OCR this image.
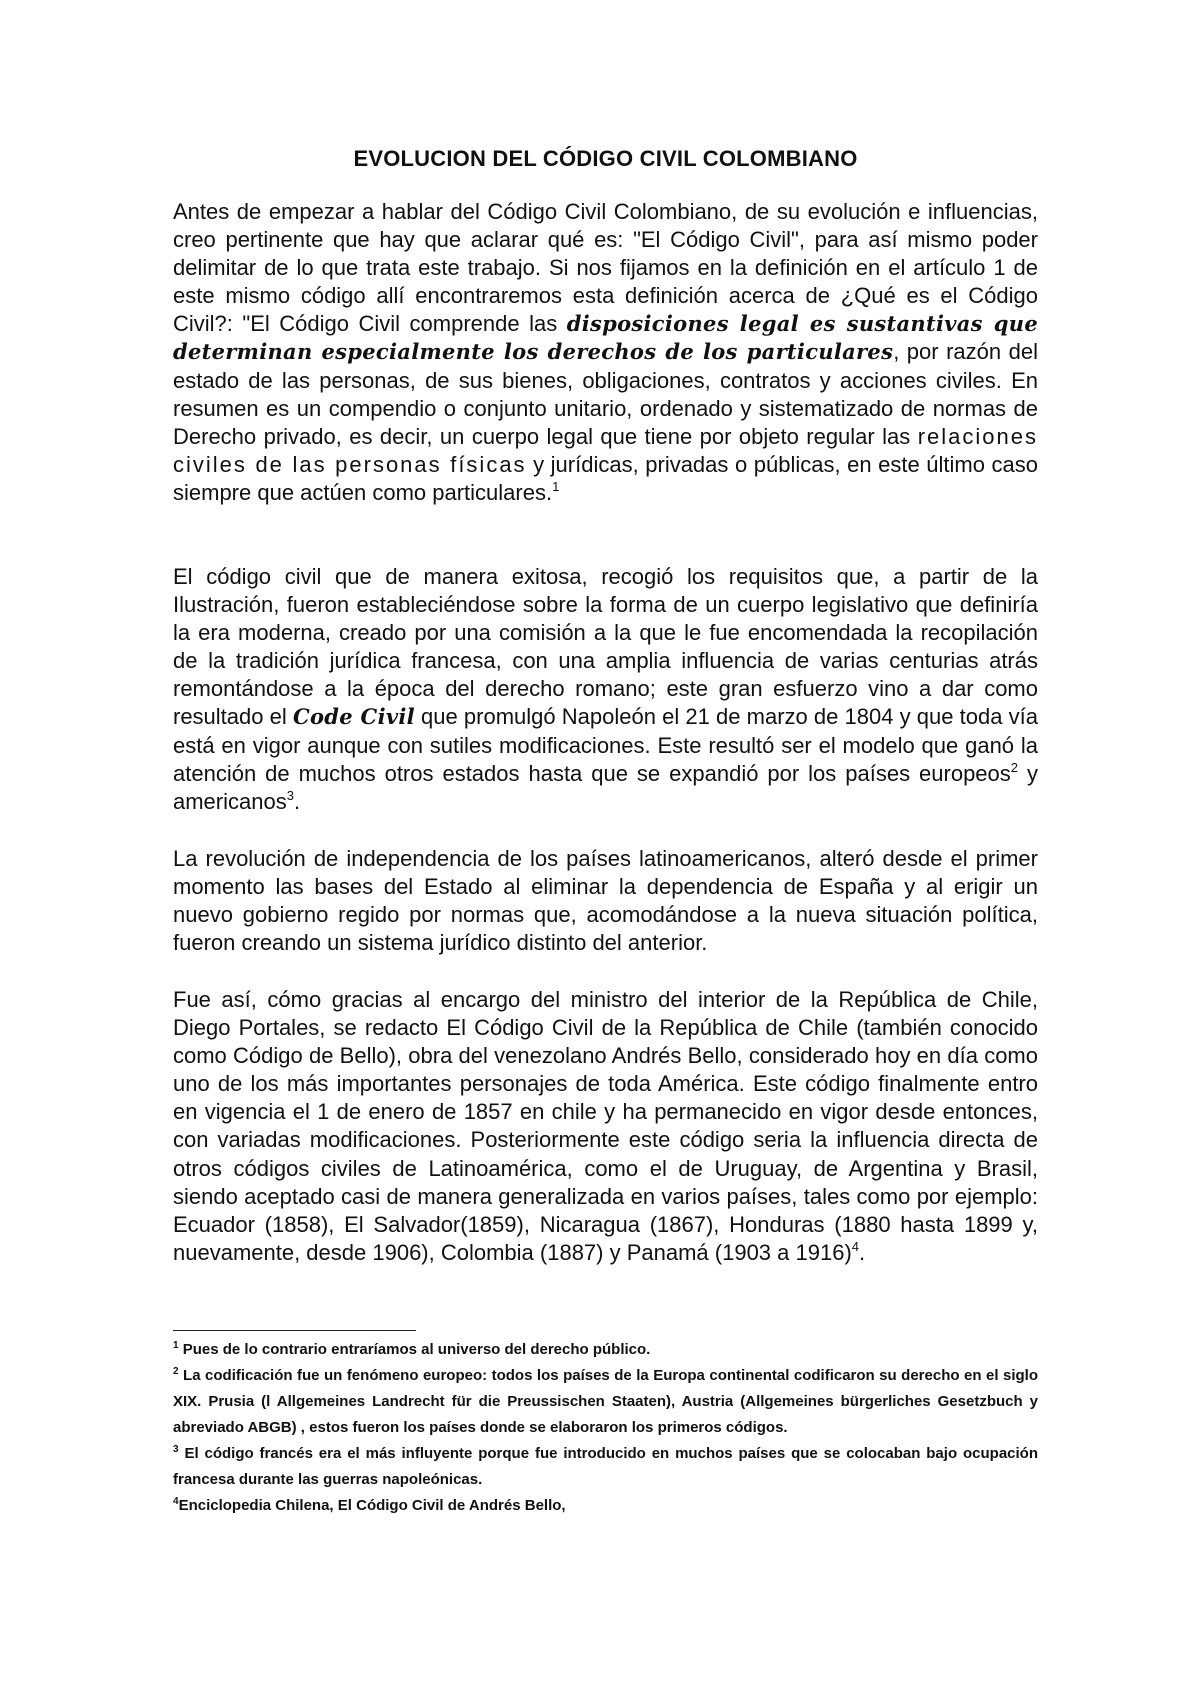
EVOLUCION DEL CÓDIGO CIVIL COLOMBIANO

Antes de empezar a hablar del Código Civil Colombiano, de su evolución e influencias, creo pertinente que hay que aclarar qué es: "El Código Civil", para así mismo poder delimitar de lo que trata este trabajo. Si nos fijamos en la definición en el artículo 1 de este mismo código allí encontraremos esta definición acerca de ¿Qué es el Código Civil?: "El Código Civil comprende las disposiciones legal es sustantivas que determinan especialmente los derechos de los particulares, por razón del estado de las personas, de sus bienes, obligaciones, contratos y acciones civiles. En resumen es un compendio o conjunto unitario, ordenado y sistematizado de normas de Derecho privado, es decir, un cuerpo legal que tiene por objeto regular las relaciones civiles de las personas físicas y jurídicas, privadas o públicas, en este último caso siempre que actúen como particulares.$^1$

El código civil que de manera exitosa, recogió los requisitos que, a partir de la Ilustración, fueron estableciéndose sobre la forma de un cuerpo legislativo que definiría la era moderna, creado por una comisión a la que le fue encomendada la recopilación de la tradición jurídica francesa, con una amplia influencia de varias centurias atrás remontándose a la época del derecho romano; este gran esfuerzo vino a dar como resultado el Code Civil que promulgó Napoleón el 21 de marzo de 1804 y que toda vía está en vigor aunque con sutiles modificaciones. Este resultó ser el modelo que ganó la atención de muchos otros estados hasta que se expandió por los países europeos$^2$ y americanos$^3$.

La revolución de independencia de los países latinoamericanos, alteró desde el primer momento las bases del Estado al eliminar la dependencia de España y al erigir un nuevo gobierno regido por normas que, acomodándose a la nueva situación política, fueron creando un sistema jurídico distinto del anterior.

Fue así, cómo gracias al encargo del ministro del interior de la República de Chile, Diego Portales, se redacto El Código Civil de la República de Chile (también conocido como Código de Bello), obra del venezolano Andrés Bello, considerado hoy en día como uno de los más importantes personajes de toda América. Este código finalmente entro en vigencia el 1 de enero de 1857 en chile y ha permanecido en vigor desde entonces, con variadas modificaciones. Posteriormente este código seria la influencia directa de otros códigos civiles de Latinoamérica, como el de Uruguay, de Argentina y Brasil, siendo aceptado casi de manera generalizada en varios países, tales como por ejemplo: Ecuador (1858), El Salvador(1859), Nicaragua (1867), Honduras (1880 hasta 1899 y, nuevamente, desde 1906), Colombia (1887) y Panamá (1903 a 1916)$^4$.

$^1$ Pues de lo contrario entraríamos al universo del derecho público.

$^2$ La codificación fue un fenómeno europeo: todos los países de la Europa continental codificaron su derecho en el siglo XIX. Prusia (l Allgemeines Landrecht für die Preussischen Staaten), Austria (Allgemeines bürgerliches Gesetzbuch y abreviado ABGB) , estos fueron los países donde se elaboraron los primeros códigos.

$^3$ El código francés era el más influyente porque fue introducido en muchos países que se colocaban bajo ocupación francesa durante las guerras napoleónicas.

$^4$Enciclopedia Chilena, El Código Civil de Andrés Bello,
